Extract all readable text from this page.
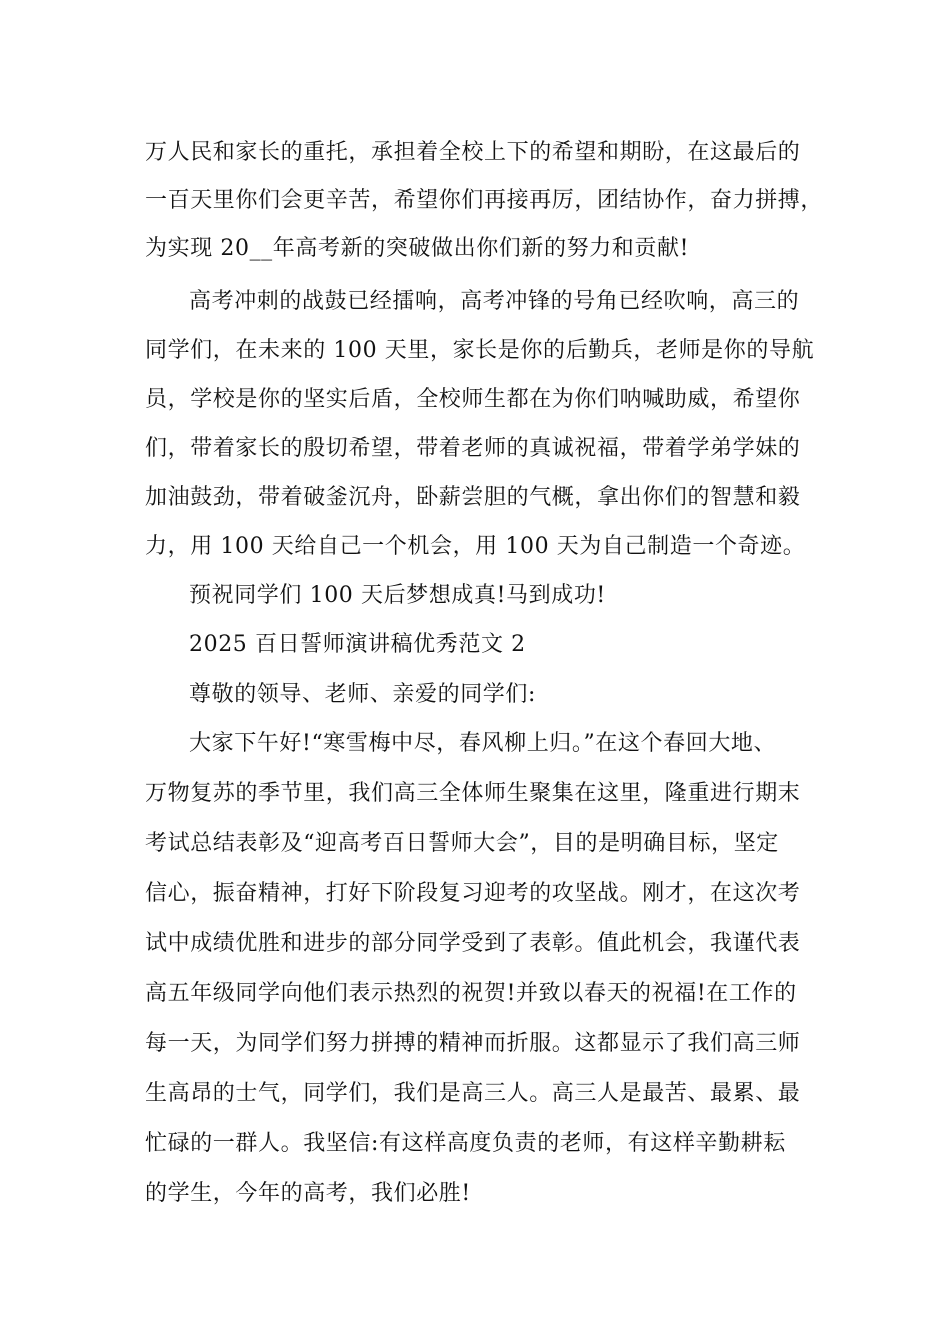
万人民和家长的重托，承担着全校上下的希望和期盼，在这最后的
一百天里你们会更辛苦，希望你们再接再厉，团结协作，奋力拼搏，
为实现 20__年高考新的突破做出你们新的努力和贡献!
高考冲刺的战鼓已经擂响，高考冲锋的号角已经吹响，高三的
同学们，在未来的 100 天里，家长是你的后勤兵，老师是你的导航
员，学校是你的坚实后盾，全校师生都在为你们呐喊助威，希望你
们，带着家长的殷切希望，带着老师的真诚祝福，带着学弟学妹的
加油鼓劲，带着破釜沉舟，卧薪尝胆的气概，拿出你们的智慧和毅
力，用 100 天给自己一个机会，用 100 天为自己制造一个奇迹。
预祝同学们 100 天后梦想成真!马到成功!
2025 百日誓师演讲稿优秀范文 2
尊敬的领导、老师、亲爱的同学们:
大家下午好!“寒雪梅中尽，春风柳上归。”在这个春回大地、
万物复苏的季节里，我们高三全体师生聚集在这里，隆重进行期末
考试总结表彰及“迎高考百日誓师大会”，目的是明确目标，坚定
信心，振奋精神，打好下阶段复习迎考的攻坚战。刚才，在这次考
试中成绩优胜和进步的部分同学受到了表彰。值此机会，我谨代表
高五年级同学向他们表示热烈的祝贺!并致以春天的祝福!在工作的
每一天，为同学们努力拼搏的精神而折服。这都显示了我们高三师
生高昂的士气，同学们，我们是高三人。高三人是最苦、最累、最
忙碌的一群人。我坚信:有这样高度负责的老师，有这样辛勤耕耘
的学生，今年的高考，我们必胜!
